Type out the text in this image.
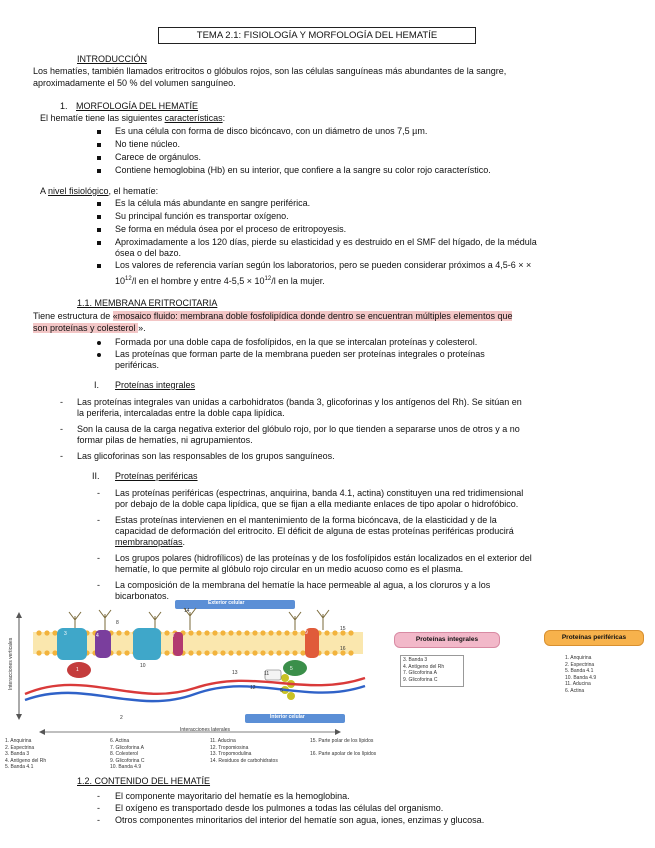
TEMA 2.1: FISIOLOGÍA Y MORFOLOGÍA DEL HEMATÍE
INTRODUCCIÓN
Los hematíes, también llamados eritrocitos o glóbulos rojos, son las células sanguíneas más abundantes de la sangre,
aproximadamente el 50 % del volumen sanguíneo.
1. MORFOLOGÍA DEL HEMATÍE
El hematíe tiene las siguientes características:
Es una célula con forma de disco bicóncavo, con un diámetro de unos 7,5 µm.
No tiene núcleo.
Carece de orgánulos.
Contiene hemoglobina (Hb) en su interior, que confiere a la sangre su color rojo característico.
A nivel fisiológico, el hematíe:
Es la célula más abundante en sangre periférica.
Su principal función es transportar oxígeno.
Se forma en médula ósea por el proceso de eritropoyesis.
Aproximadamente a los 120 días, pierde su elasticidad y es destruido en el SMF del hígado, de la médula
ósea o del bazo.
Los valores de referencia varían según los laboratorios, pero se pueden considerar próximos a 4,5-6 × ×
$10^{12}/l$ en el hombre y entre $4-5,5 \times 10^{12}/l$ en la mujer.
1.1. MEMBRANA ERITROCITARIA
Tiene estructura de «mosaico fluido: membrana doble fosfolipídica donde dentro se encuentran múltiples elementos que
son proteínas y colesterol ».
Formada por una doble capa de fosfolípidos, en la que se intercalan proteínas y colesterol.
Las proteínas que forman parte de la membrana pueden ser proteínas integrales o proteínas
periféricas.
I. Proteínas integrales
- Las proteínas integrales van unidas a carbohidratos (banda 3, glicoforinas y los antígenos del Rh). Se sitúan en
la periferia, intercaladas entre la doble capa lipídica.
- Son la causa de la carga negativa exterior del glóbulo rojo, por lo que tienden a separarse unos de otros y a no
formar pilas de hematíes, ni agrupamientos.
- Las glicoforinas son las responsables de los grupos sanguíneos.
II. Proteínas periféricas
- Las proteínas periféricas (espectrinas, anquirina, banda 4.1, actina) constituyen una red tridimensional
por debajo de la doble capa lipídica, que se fijan a ella mediante enlaces de tipo apolar o hidrofóbico.
- Estas proteínas intervienen en el mantenimiento de la forma bicóncava, de la elasticidad y de la
capacidad de deformación del eritrocito. El déficit de alguna de estas proteínas periféricas producirá
membranopatías.
- Los grupos polares (hidrofílicos) de las proteínas y de los fosfolípidos están localizados en el exterior del
hematíe, lo que permite al glóbulo rojo circular en un medio acuoso como es el plasma.
- La composición de la membrana del hematíe la hace permeable al agua, a los cloruros y a los
bicarbonatos.
Exterior celular
Interior celular
Interacciones verticales
Interacciones laterales
3	4
1
2
5
6
7
8
9
10
11
12
13
14
15
16
1. Anquirina
2. Espectrina
3. Banda 3
4. Antígeno del Rh
5. Banda 4.1
6. Actina
7. Glicoforina A
8. Colesterol
9. Glicoforina C
10. Banda 4.9
11. Aducina
12. Tropomiosina
13. Tropomodulina
14. Residuos de carbohidratos
15. Parte polar de los lípidos
16. Parte apolar de los lípidos
Proteínas integrales
3. Banda 3
4. Antígeno del Rh
7. Glicoforina A
9. Glicoforina C
Proteínas periféricas
1. Anquirina
2. Espectrina
5. Banda 4.1
10. Banda 4.9
11. Aducina
6. Actina
1.2. CONTENIDO DEL HEMATÍE
- El componente mayoritario del hematíe es la hemoglobina.
- El oxígeno es transportado desde los pulmones a todas las células del organismo.
- Otros componentes minoritarios del interior del hematíe son agua, iones, enzimas y glucosa.
